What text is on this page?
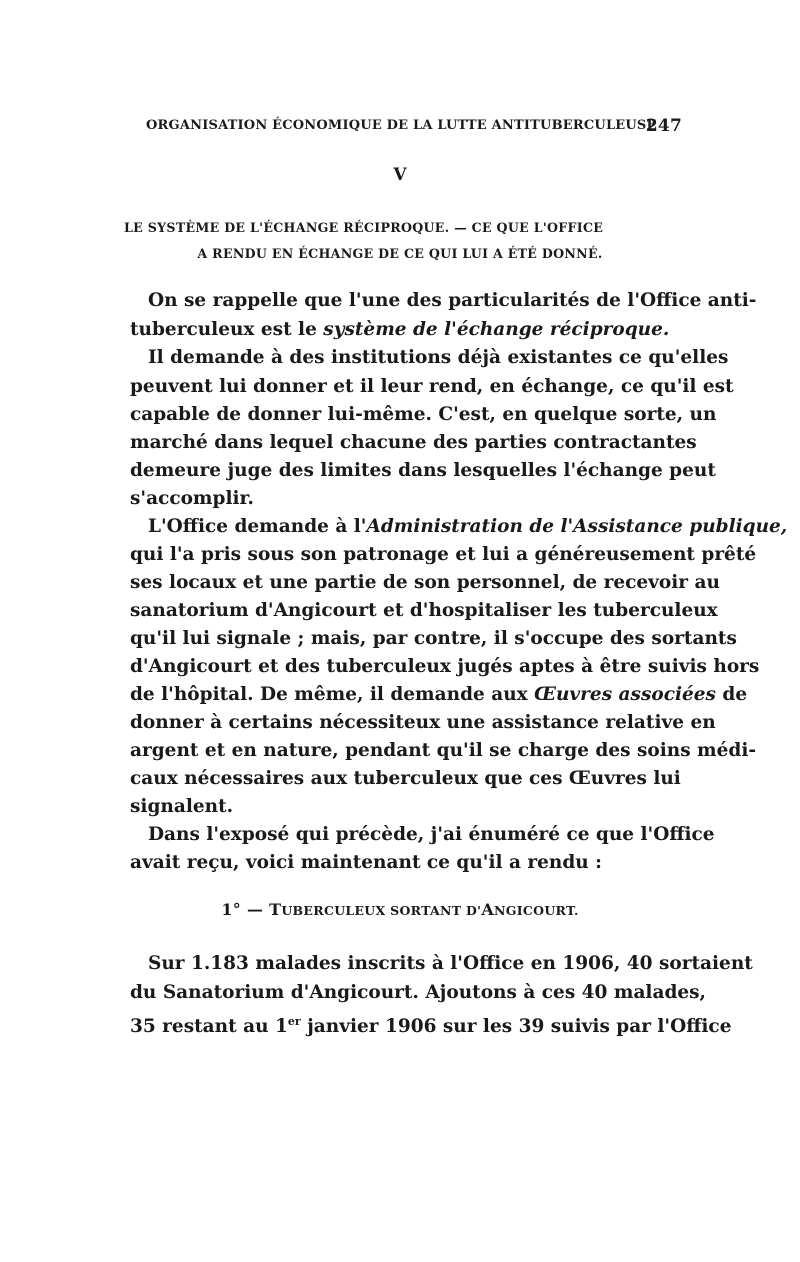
ORGANISATION ÉCONOMIQUE DE LA LUTTE ANTITUBERCULEUSE
247
V
LE SYSTÈME DE L'ÉCHANGE RÉCIPROQUE. — CE QUE L'OFFICE
A RENDU EN ÉCHANGE DE CE QUI LUI A ÉTÉ DONNÉ.
On se rappelle que l'une des particularités de l'Office anti-
tuberculeux est le système de l'échange réciproque.
Il demande à des institutions déjà existantes ce qu'elles
peuvent lui donner et il leur rend, en échange, ce qu'il est
capable de donner lui-même. C'est, en quelque sorte, un
marché dans lequel chacune des parties contractantes
demeure juge des limites dans lesquelles l'échange peut
s'accomplir.
L'Office demande à l'Administration de l'Assistance publique,
qui l'a pris sous son patronage et lui a généreusement prêté
ses locaux et une partie de son personnel, de recevoir au
sanatorium d'Angicourt et d'hospitaliser les tuberculeux
qu'il lui signale ; mais, par contre, il s'occupe des sortants
d'Angicourt et des tuberculeux jugés aptes à être suivis hors
de l'hôpital. De même, il demande aux Œuvres associées de
donner à certains nécessiteux une assistance relative en
argent et en nature, pendant qu'il se charge des soins médi-
caux nécessaires aux tuberculeux que ces Œuvres lui
signalent.
Dans l'exposé qui précède, j'ai énuméré ce que l'Office
avait reçu, voici maintenant ce qu'il a rendu :
1° — TUBERCULEUX SORTANT D'ANGICOURT.
Sur 1.183 malades inscrits à l'Office en 1906, 40 sortaient
du Sanatorium d'Angicourt. Ajoutons à ces 40 malades,
35 restant au 1er janvier 1906 sur les 39 suivis par l'Office
